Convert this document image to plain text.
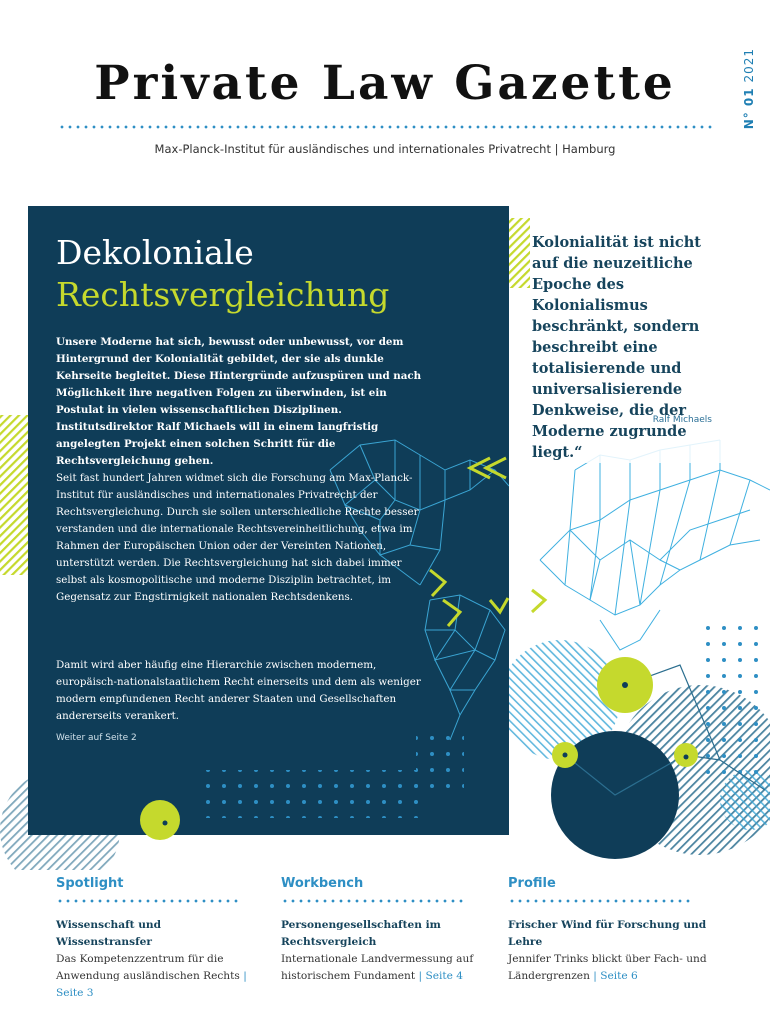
Private Law Gazette	N° 01 2021
Max-Planck-Institut für ausländisches und internationales Privatrecht | Hamburg
Dekoloniale
Rechtsvergleichung
Unsere Moderne hat sich, bewusst oder unbewusst, vor dem Hintergrund der Kolonialität gebildet, der sie als dunkle Kehrseite begleitet. Diese Hintergründe aufzuspüren und nach Möglichkeit ihre negativen Folgen zu überwinden, ist ein Postulat in vielen wissenschaftlichen Disziplinen. Institutsdirektor Ralf Michaels will in einem langfristig angelegten Projekt einen solchen Schritt für die Rechtsvergleichung gehen.
Seit fast hundert Jahren widmet sich die Forschung am Max-Planck-Institut für ausländisches und internationales Privatrecht der Rechtsvergleichung. Durch sie sollen unterschiedliche Rechte besser verstanden und die internationale Rechtsvereinheitlichung, etwa im Rahmen der Europäischen Union oder der Vereinten Nationen, unterstützt werden. Die Rechtsvergleichung hat sich dabei immer selbst als kosmopolitische und moderne Disziplin betrachtet, im Gegensatz zur Engstirnigkeit nationalen Rechtsdenkens.
Damit wird aber häufig eine Hierarchie zwischen modernem, europäisch-nationalstaatlichem Recht einerseits und dem als weniger modern empfundenen Recht anderer Staaten und Gesellschaften andererseits verankert.
Weiter auf Seite 2
Kolonialität ist nicht auf die neuzeitliche Epoche des Kolonialismus beschränkt, sondern beschreibt eine totalisierende und universalisierende Denkweise, die der Moderne zugrunde liegt.“
Ralf Michaels
Spotlight
Wissenschaft und Wissenstransfer
Das Kompetenzzentrum für die Anwendung ausländischen Rechts | Seite 3
Workbench
Personengesellschaften im Rechtsvergleich
Internationale Landvermessung auf historischem Fundament | Seite 4
Profile
Frischer Wind für Forschung und Lehre
Jennifer Trinks blickt über Fach- und Ländergrenzen | Seite 6
